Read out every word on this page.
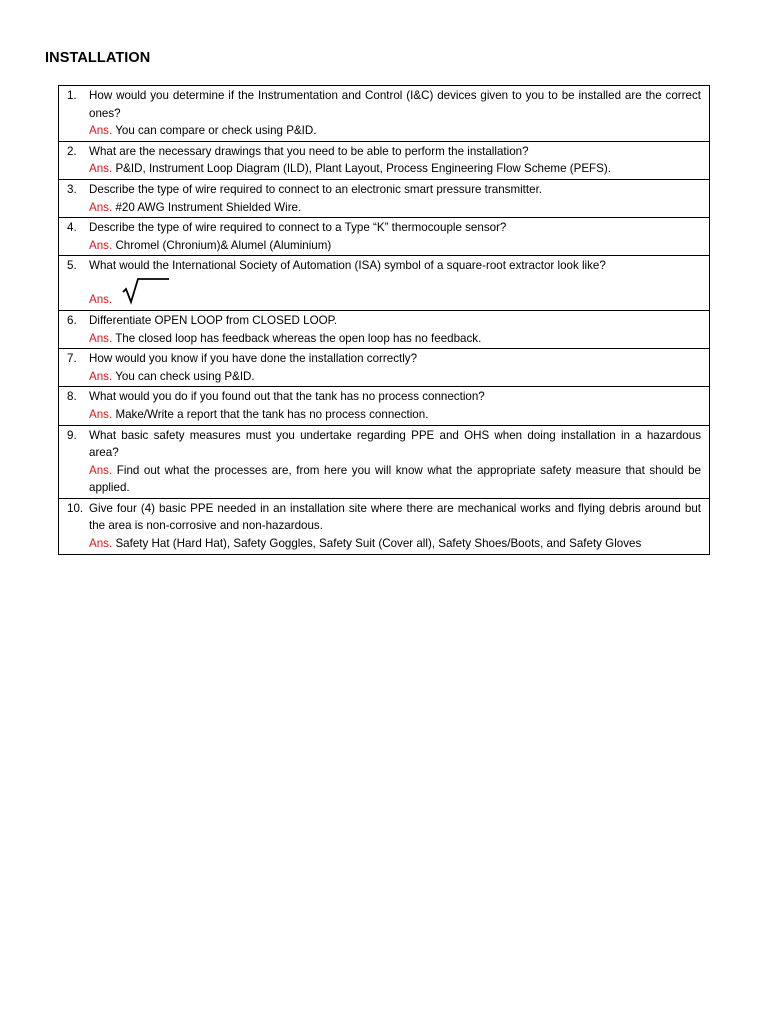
INSTALLATION
1.	How would you determine if the Instrumentation and Control (I&C) devices given to you to be installed are the correct ones?
Ans. You can compare or check using P&ID.
2.	What are the necessary drawings that you need to be able to perform the installation?
Ans. P&ID, Instrument Loop Diagram (ILD), Plant Layout, Process Engineering Flow Scheme (PEFS).
3.	Describe the type of wire required to connect to an electronic smart pressure transmitter.
Ans. #20 AWG Instrument Shielded Wire.
4.	Describe the type of wire required to connect to a Type “K” thermocouple sensor?
Ans. Chromel (Chronium)& Alumel (Aluminium)
5.	What would the International Society of Automation (ISA) symbol of a square-root extractor look like?
Ans.
6.	Differentiate OPEN LOOP from CLOSED LOOP.
Ans. The closed loop has feedback whereas the open loop has no feedback.
7.	How would you know if you have done the installation correctly?
Ans. You can check using P&ID.
8.	What would you do if you found out that the tank has no process connection?
Ans. Make/Write a report that the tank has no process connection.
9.	What basic safety measures must you undertake regarding PPE and OHS when doing installation in a hazardous area?
Ans. Find out what the processes are, from here you will know what the appropriate safety measure that should be applied.
10. Give four (4) basic PPE needed in an installation site where there are mechanical works and flying debris around but the area is non-corrosive and non-hazardous.
Ans. Safety Hat (Hard Hat), Safety Goggles, Safety Suit (Cover all), Safety Shoes/Boots, and Safety Gloves
